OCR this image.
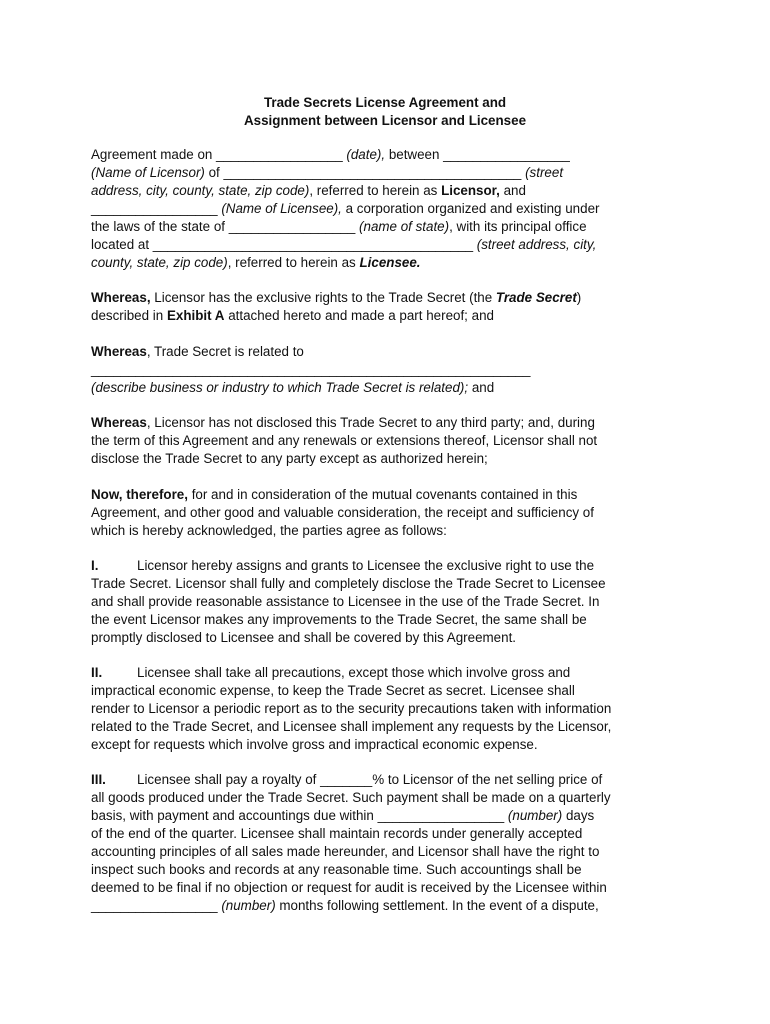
Trade Secrets License Agreement and
Assignment between Licensor and Licensee
Agreement made on _________________ (date), between _________________
(Name of Licensor) of ________________________________________ (street
address, city, county, state, zip code), referred to herein as Licensor, and
_________________ (Name of Licensee), a corporation organized and existing under
the laws of the state of _________________ (name of state), with its principal office
located at ___________________________________________ (street address, city,
county, state, zip code), referred to herein as Licensee.
Whereas, Licensor has the exclusive rights to the Trade Secret (the Trade Secret)
described in Exhibit A attached hereto and made a part hereof; and
Whereas, Trade Secret is related to
___________________________________________________________
(describe business or industry to which Trade Secret is related); and
Whereas, Licensor has not disclosed this Trade Secret to any third party; and, during
the term of this Agreement and any renewals or extensions thereof, Licensor shall not
disclose the Trade Secret to any party except as authorized herein;
Now, therefore, for and in consideration of the mutual covenants contained in this
Agreement, and other good and valuable consideration, the receipt and sufficiency of
which is hereby acknowledged, the parties agree as follows:
I.	Licensor hereby assigns and grants to Licensee the exclusive right to use the
Trade Secret. Licensor shall fully and completely disclose the Trade Secret to Licensee
and shall provide reasonable assistance to Licensee in the use of the Trade Secret. In
the event Licensor makes any improvements to the Trade Secret, the same shall be
promptly disclosed to Licensee and shall be covered by this Agreement.
II.	Licensee shall take all precautions, except those which involve gross and
impractical economic expense, to keep the Trade Secret as secret. Licensee shall
render to Licensor a periodic report as to the security precautions taken with information
related to the Trade Secret, and Licensee shall implement any requests by the Licensor,
except for requests which involve gross and impractical economic expense.
III. Licensee shall pay a royalty of _______% to Licensor of the net selling price of
all goods produced under the Trade Secret. Such payment shall be made on a quarterly
basis, with payment and accountings due within _________________ (number) days
of the end of the quarter. Licensee shall maintain records under generally accepted
accounting principles of all sales made hereunder, and Licensor shall have the right to
inspect such books and records at any reasonable time. Such accountings shall be
deemed to be final if no objection or request for audit is received by the Licensee within
_________________ (number) months following settlement. In the event of a dispute,
